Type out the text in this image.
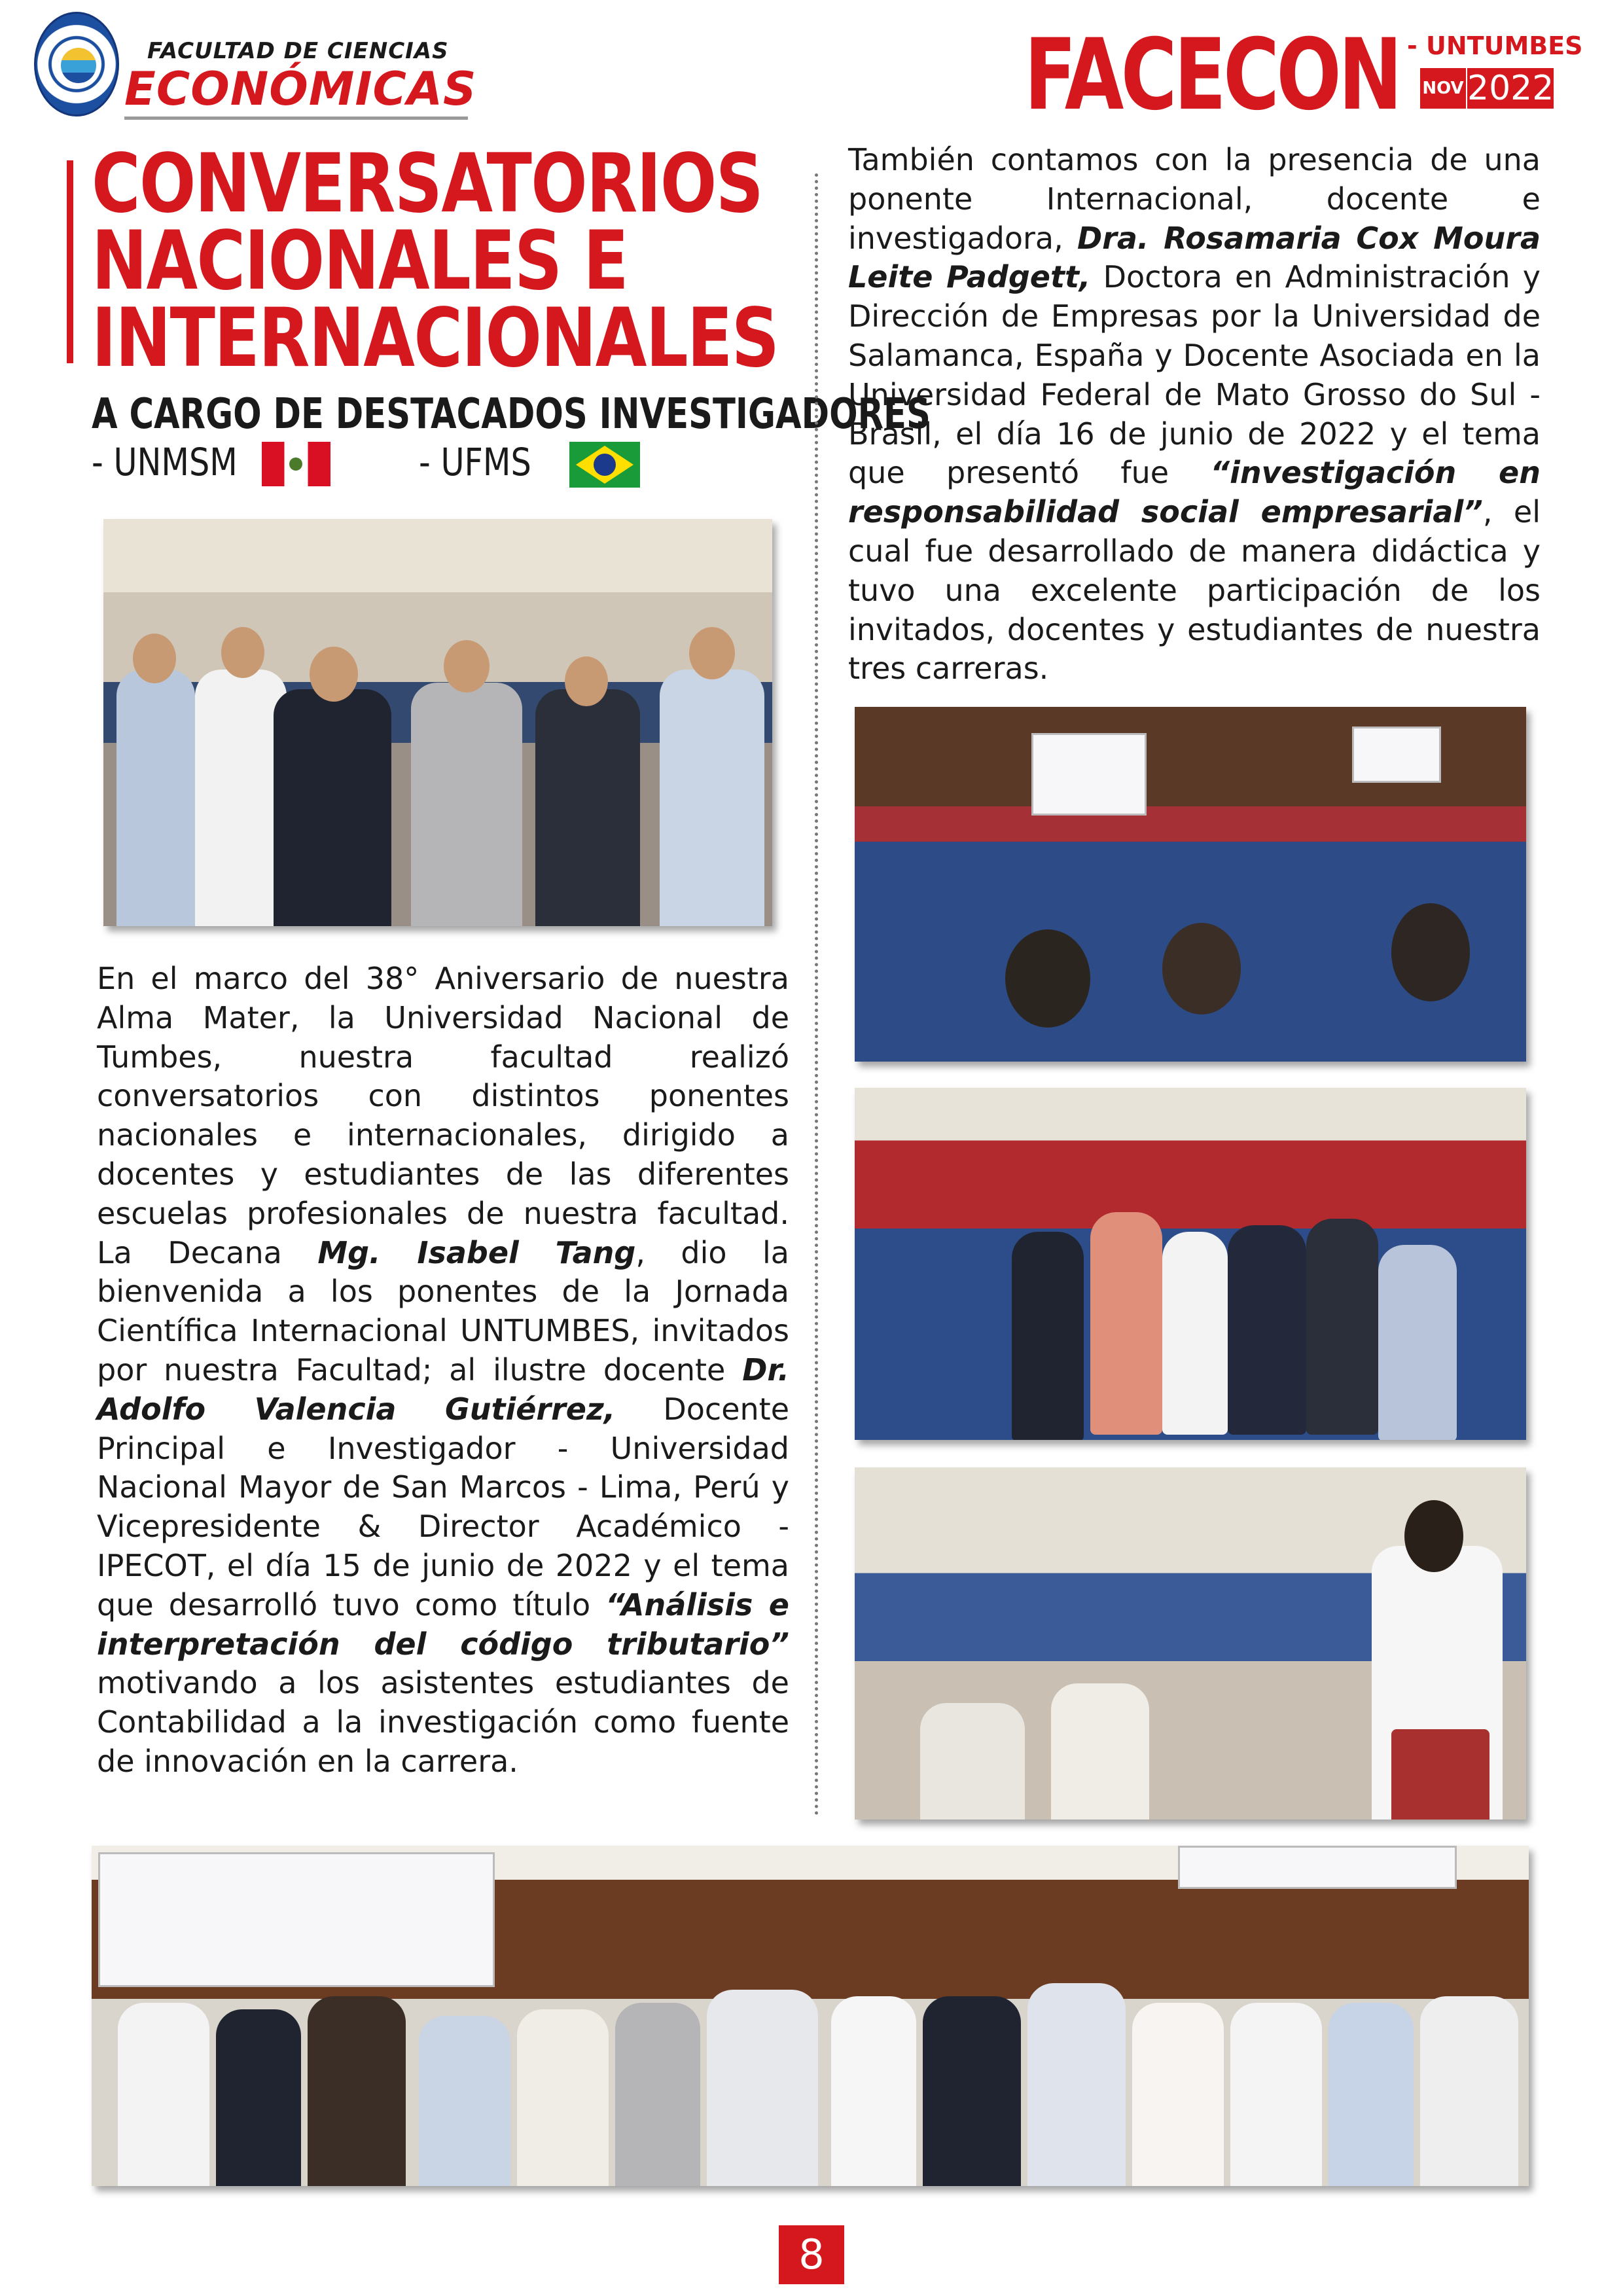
FACULTAD DE CIENCIAS
ECONÓMICAS	FACECON - UNTUMBES
NOV 2022
CONVERSATORIOS
NACIONALES E
INTERNACIONALES
A CARGO DE DESTACADOS INVESTIGADORES
- UNMSM	- UFMS
En el marco del 38° Aniversario de nuestra Alma Mater, la Universidad Nacional de Tumbes, nuestra facultad realizó conversatorios con distintos ponentes nacionales e internacionales, dirigido a docentes y estudiantes de las diferentes escuelas profesionales de nuestra facultad. La Decana Mg. Isabel Tang, dio la bienvenida a los ponentes de la Jornada Científica Internacional UNTUMBES, invitados por nuestra Facultad; al ilustre docente Dr. Adolfo Valencia Gutiérrez, Docente Principal e Investigador - Universidad Nacional Mayor de San Marcos - Lima, Perú y Vicepresidente & Director Académico - IPECOT, el día 15 de junio de 2022 y el tema que desarrolló tuvo como título “Análisis e interpretación del código tributario” motivando a los asistentes estudiantes de Contabilidad a la investigación como fuente de innovación en la carrera.
También contamos con la presencia de una ponente Internacional, docente e investigadora, Dra. Rosamaria Cox Moura Leite Padgett, Doctora en Administración y Dirección de Empresas por la Universidad de Salamanca, España y Docente Asociada en la Universidad Federal de Mato Grosso do Sul - Brasil, el día 16 de junio de 2022 y el tema que presentó fue “investigación en responsabilidad social empresarial”, el cual fue desarrollado de manera didáctica y tuvo una excelente participación de los invitados, docentes y estudiantes de nuestra tres carreras.
8
